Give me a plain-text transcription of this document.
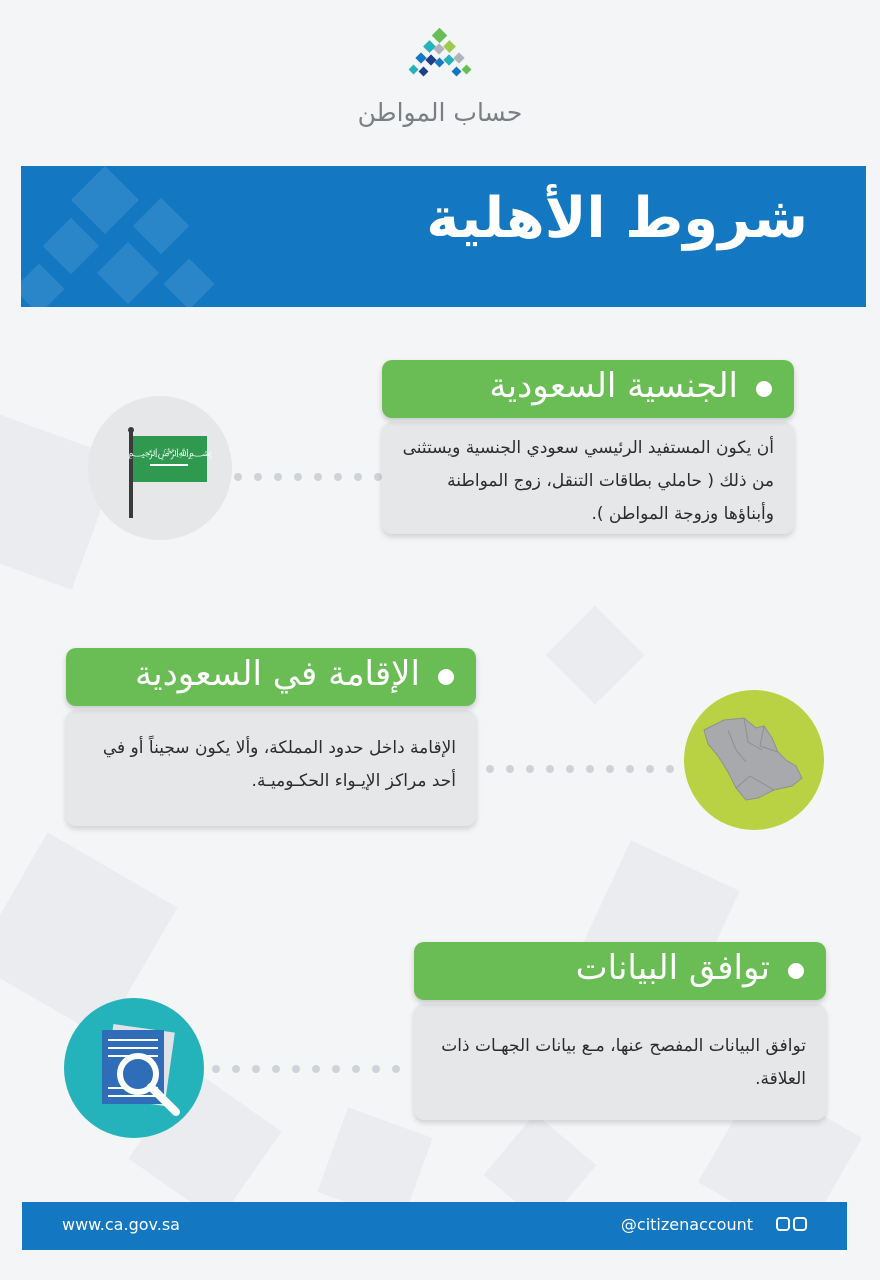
حساب المواطن
شروط الأهلية
﷽	أن يكون المستفيد الرئيسي سعودي الجنسية ويستثنى من ذلك ( حاملي بطاقات التنقل، زوج المواطنة وأبناؤها وزوجة المواطن ).
الجنسية السعودية
الإقامة داخل حدود المملكة، وألا يكون سجيناً أو في أحد مراكز الإيـواء الحكـوميـة.
الإقامة في السعودية
توافق البيانات المفصح عنها، مـع بيانات الجهـات ذات العلاقة.
توافق البيانات
www.ca.gov.sa	@citizenaccount
